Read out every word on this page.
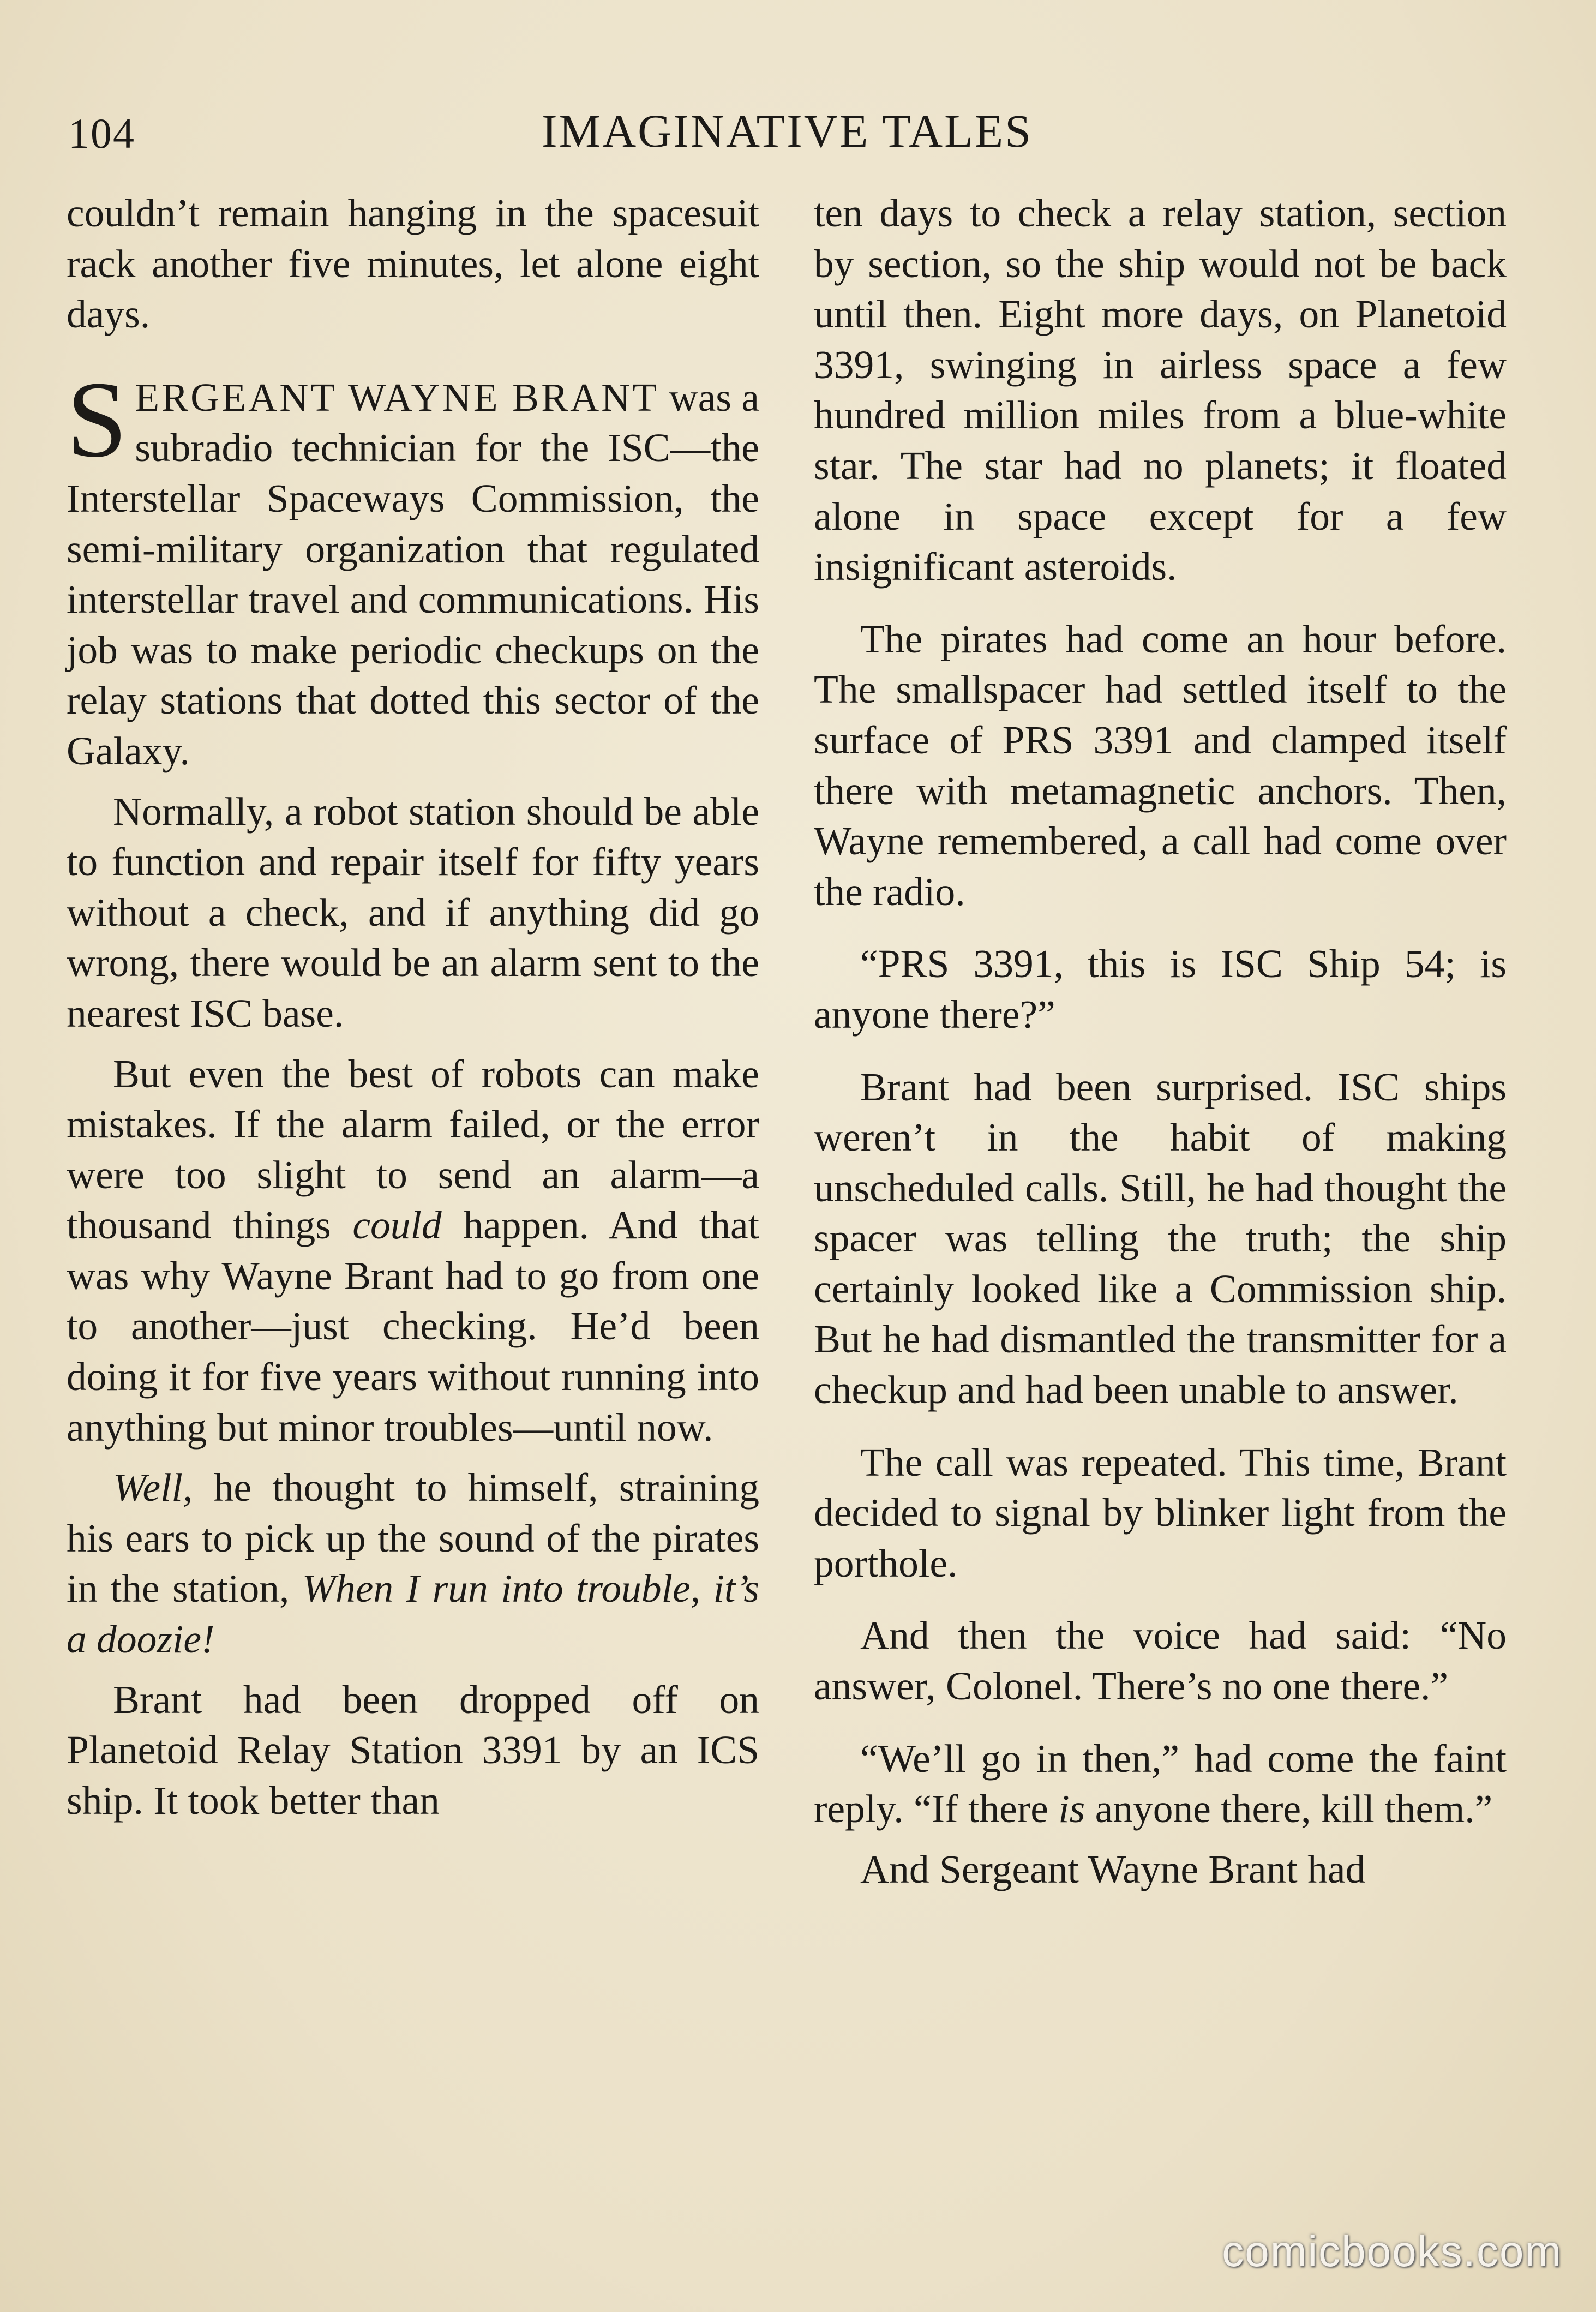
104	IMAGINATIVE TALES

couldn’t remain hanging in the spacesuit rack another five minutes, let alone eight days.

SERGEANT WAYNE BRANT was a subradio technician for the ISC—the Interstellar Spaceways Commission, the semi-military organization that regulated interstellar travel and communications. His job was to make periodic checkups on the relay stations that dotted this sector of the Galaxy.

Normally, a robot station should be able to function and repair itself for fifty years without a check, and if anything did go wrong, there would be an alarm sent to the nearest ISC base.

But even the best of robots can make mistakes. If the alarm failed, or the error were too slight to send an alarm—a thousand things could happen. And that was why Wayne Brant had to go from one to another—just checking. He’d been doing it for five years without running into anything but minor troubles—until now.

Well, he thought to himself, straining his ears to pick up the sound of the pirates in the station, When I run into trouble, it’s a doozie!

Brant had been dropped off on Planetoid Relay Station 3391 by an ICS ship. It took better than

ten days to check a relay station, section by section, so the ship would not be back until then. Eight more days, on Planetoid 3391, swinging in airless space a few hundred million miles from a blue-white star. The star had no planets; it floated alone in space except for a few insignificant asteroids.

The pirates had come an hour before. The smallspacer had settled itself to the surface of PRS 3391 and clamped itself there with metamagnetic anchors. Then, Wayne remembered, a call had come over the radio.

“PRS 3391, this is ISC Ship 54; is anyone there?”

Brant had been surprised. ISC ships weren’t in the habit of making unscheduled calls. Still, he had thought the spacer was telling the truth; the ship certainly looked like a Commission ship. But he had dismantled the transmitter for a checkup and had been unable to answer.

The call was repeated. This time, Brant decided to signal by blinker light from the porthole.

And then the voice had said: “No answer, Colonel. There’s no one there.”

“We’ll go in then,” had come the faint reply. “If there is anyone there, kill them.”

And Sergeant Wayne Brant had

comicbooks.com
